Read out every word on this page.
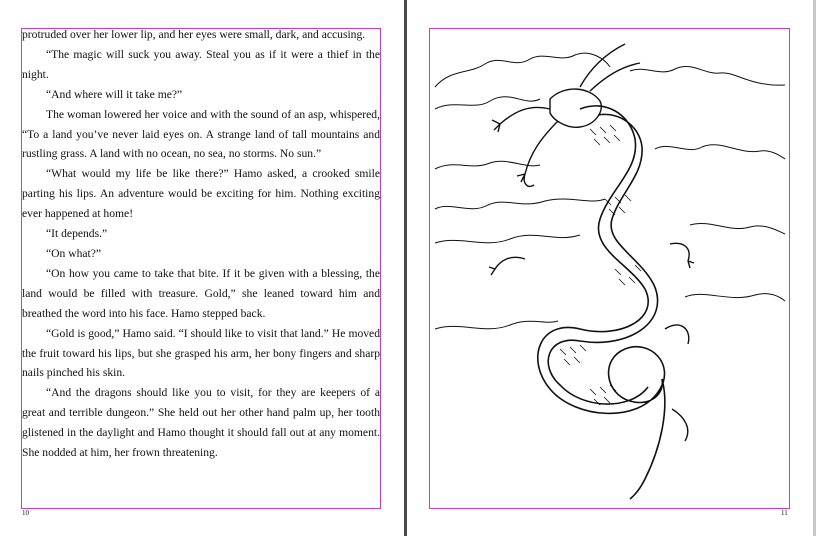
protruded over her lower lip, and her eyes were small, dark, and accusing.

“The magic will suck you away. Steal you as if it were a thief in the night.

“And where will it take me?”

The woman lowered her voice and with the sound of an asp, whispered, “To a land you’ve never laid eyes on. A strange land of tall mountains and rustling grass. A land with no ocean, no sea, no storms. No sun.”

“What would my life be like there?” Hamo asked, a crooked smile parting his lips. An adventure would be exciting for him. Nothing exciting ever happened at home!

“It depends.”

“On what?”

“On how you came to take that bite. If it be given with a blessing, the land would be filled with treasure. Gold,” she leaned toward him and breathed the word into his face. Hamo stepped back.

“Gold is good,” Hamo said. “I should like to visit that land.” He moved the fruit toward his lips, but she grasped his arm, her bony fingers and sharp nails pinched his skin.

“And the dragons should like you to visit, for they are keepers of a great and terrible dungeon.” She held out her other hand palm up, her tooth glistened in the daylight and Hamo thought it should fall out at any moment. She nodded at him, her frown threatening.

10	11
